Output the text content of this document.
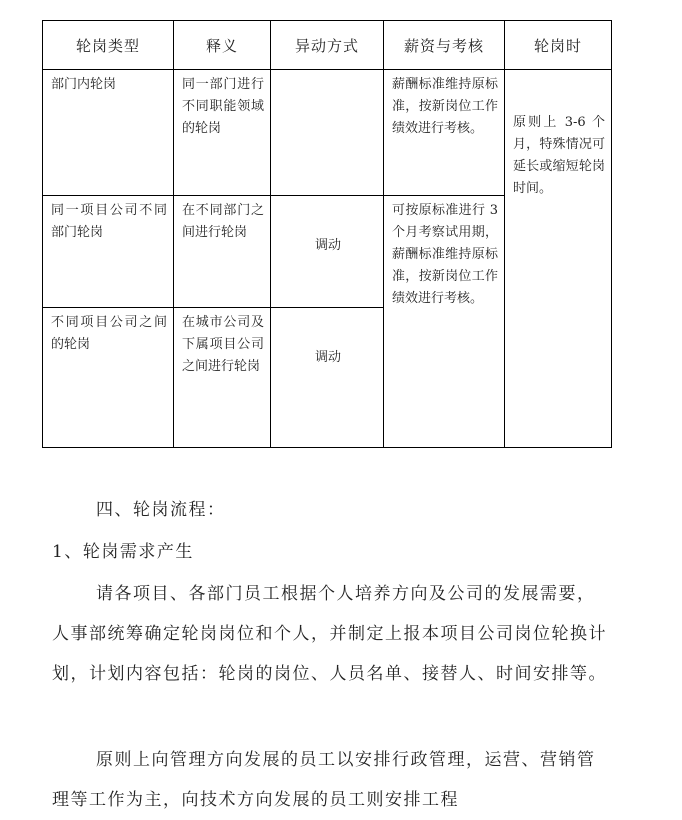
轮岗类型	释义	异动方式	薪资与考核	轮岗时

部门内轮岗	同一部门进行不同职能领域的轮岗		薪酬标准维持原标准，按新岗位工作绩效进行考核。	原则上 3-6 个月，特殊情况可延长或缩短轮岗时间。

同一项目公司不同部门轮岗	在不同部门之间进行轮岗	调动	可按原标准进行 3 个月考察试用期，薪酬标准维持原标准，按新岗位工作绩效进行考核。	

不同项目公司之间的轮岗	在城市公司及下属项目公司之间进行轮岗	调动		
四、轮岗流程：
1、轮岗需求产生
请各项目、各部门员工根据个人培养方向及公司的发展需要，人事部统筹确定轮岗岗位和个人，并制定上报本项目公司岗位轮换计划，计划内容包括：轮岗的岗位、人员名单、接替人、时间安排等。
原则上向管理方向发展的员工以安排行政管理，运营、营销管理等工作为主，向技术方向发展的员工则安排工程
